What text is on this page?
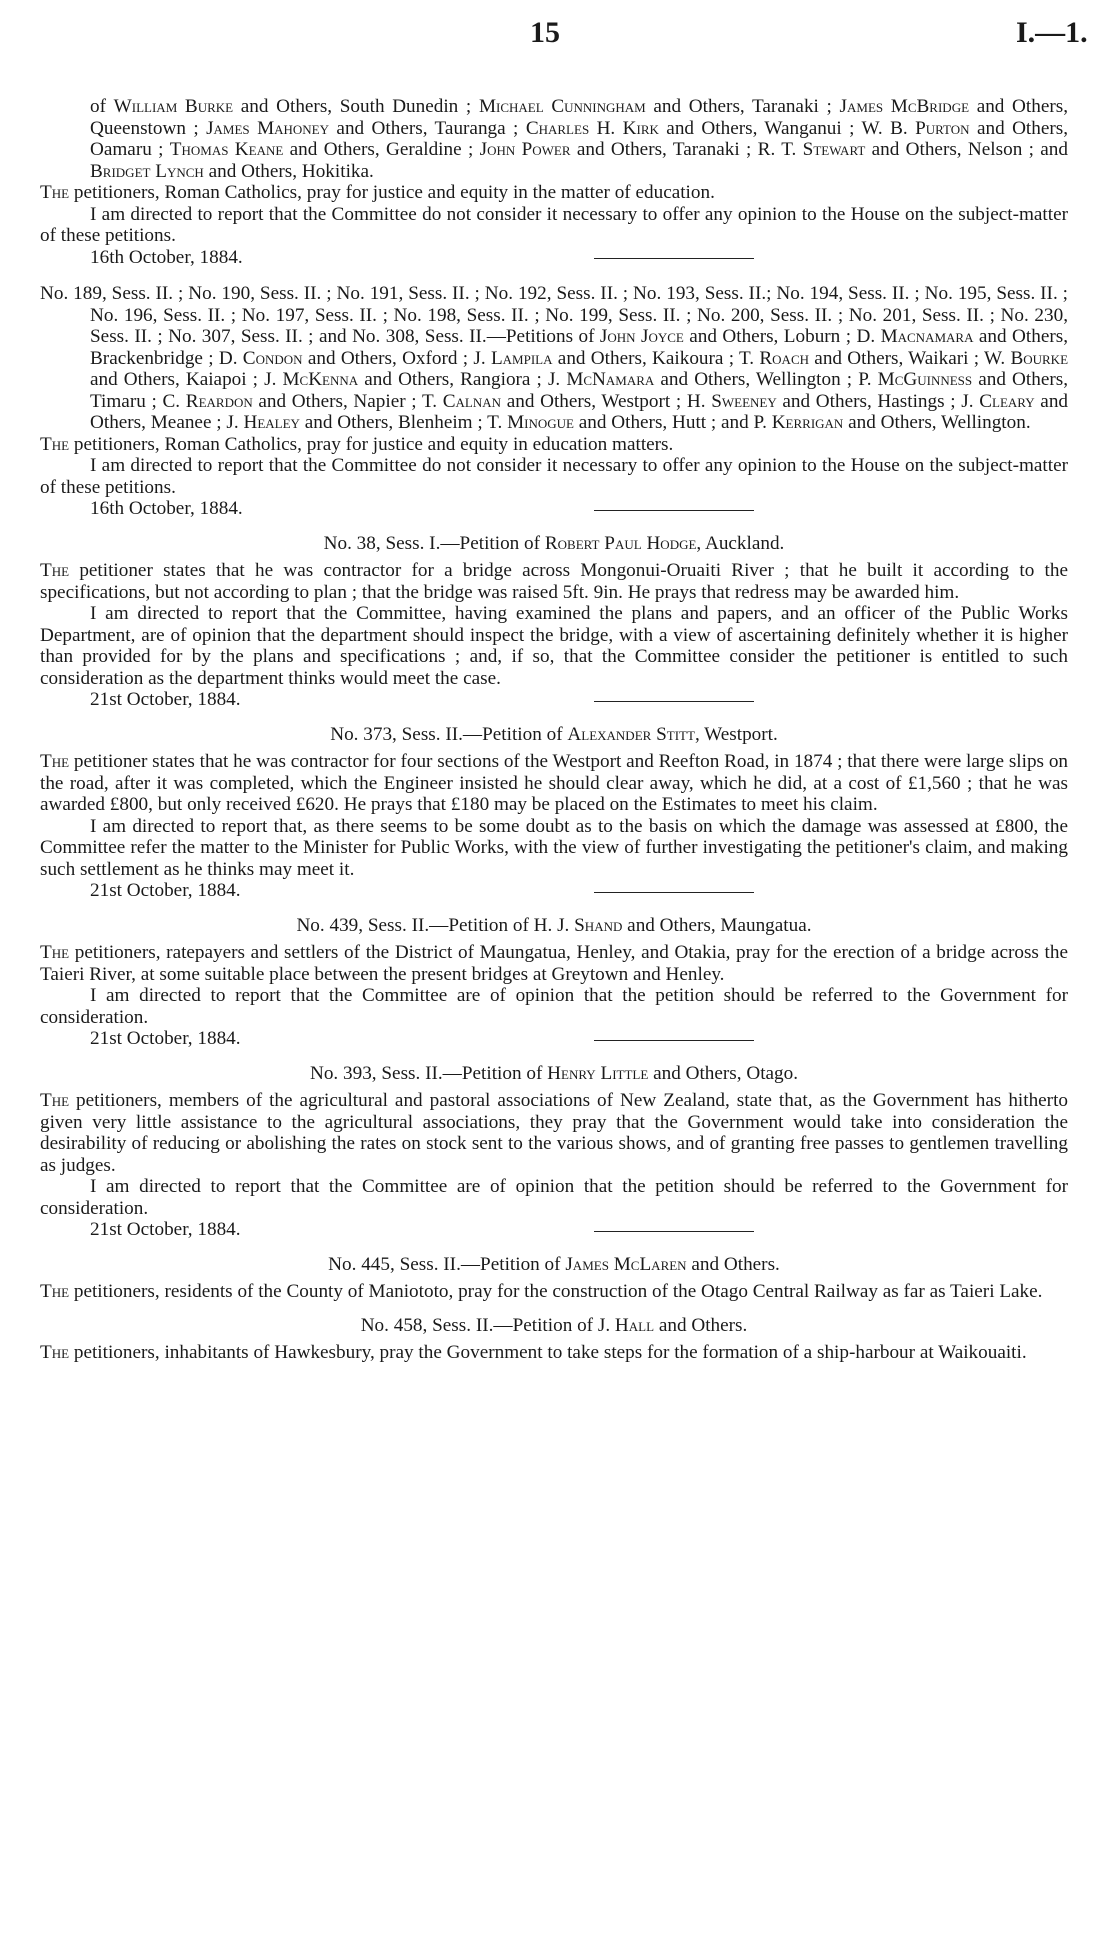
15	I.—1.

of William Burke and Others, South Dunedin ; Michael Cunningham and Others, Taranaki ; James McBridge and Others, Queenstown ; James Mahoney and Others, Tauranga ; Charles H. Kirk and Others, Wanganui ; W. B. Purton and Others, Oamaru ; Thomas Keane and Others, Geraldine ; John Power and Others, Taranaki ; R. T. Stewart and Others, Nelson ; and Bridget Lynch and Others, Hokitika.

The petitioners, Roman Catholics, pray for justice and equity in the matter of education.

I am directed to report that the Committee do not consider it necessary to offer any opinion to the House on the subject-matter of these petitions.

16th October, 1884.

No. 189, Sess. II. ; No. 190, Sess. II. ; No. 191, Sess. II. ; No. 192, Sess. II. ; No. 193, Sess. II.; No. 194, Sess. II. ; No. 195, Sess. II. ; No. 196, Sess. II. ; No. 197, Sess. II. ; No. 198, Sess. II. ; No. 199, Sess. II. ; No. 200, Sess. II. ; No. 201, Sess. II. ; No. 230, Sess. II. ; No. 307, Sess. II. ; and No. 308, Sess. II.—Petitions of John Joyce and Others, Loburn ; D. Macnamara and Others, Brackenbridge ; D. Condon and Others, Oxford ; J. Lampila and Others, Kaikoura ; T. Roach and Others, Waikari ; W. Bourke and Others, Kaiapoi ; J. McKenna and Others, Rangiora ; J. McNamara and Others, Wellington ; P. McGuinness and Others, Timaru ; C. Reardon and Others, Napier ; T. Calnan and Others, Westport ; H. Sweeney and Others, Hastings ; J. Cleary and Others, Meanee ; J. Healey and Others, Blenheim ; T. Minogue and Others, Hutt ; and P. Kerrigan and Others, Wellington.

The petitioners, Roman Catholics, pray for justice and equity in education matters.

I am directed to report that the Committee do not consider it necessary to offer any opinion to the House on the subject-matter of these petitions.

16th October, 1884.

No. 38, Sess. I.—Petition of Robert Paul Hodge, Auckland.

The petitioner states that he was contractor for a bridge across Mongonui-Oruaiti River ; that he built it according to the specifications, but not according to plan ; that the bridge was raised 5ft. 9in. He prays that redress may be awarded him.

I am directed to report that the Committee, having examined the plans and papers, and an officer of the Public Works Department, are of opinion that the department should inspect the bridge, with a view of ascertaining definitely whether it is higher than provided for by the plans and specifications ; and, if so, that the Committee consider the petitioner is entitled to such consideration as the department thinks would meet the case.

21st October, 1884.

No. 373, Sess. II.—Petition of Alexander Stitt, Westport.

The petitioner states that he was contractor for four sections of the Westport and Reefton Road, in 1874 ; that there were large slips on the road, after it was completed, which the Engineer insisted he should clear away, which he did, at a cost of £1,560 ; that he was awarded £800, but only received £620. He prays that £180 may be placed on the Estimates to meet his claim.

I am directed to report that, as there seems to be some doubt as to the basis on which the damage was assessed at £800, the Committee refer the matter to the Minister for Public Works, with the view of further investigating the petitioner's claim, and making such settlement as he thinks may meet it.

21st October, 1884.

No. 439, Sess. II.—Petition of H. J. Shand and Others, Maungatua.

The petitioners, ratepayers and settlers of the District of Maungatua, Henley, and Otakia, pray for the erection of a bridge across the Taieri River, at some suitable place between the present bridges at Greytown and Henley.

I am directed to report that the Committee are of opinion that the petition should be referred to the Government for consideration.

21st October, 1884.

No. 393, Sess. II.—Petition of Henry Little and Others, Otago.

The petitioners, members of the agricultural and pastoral associations of New Zealand, state that, as the Government has hitherto given very little assistance to the agricultural associations, they pray that the Government would take into consideration the desirability of reducing or abolishing the rates on stock sent to the various shows, and of granting free passes to gentlemen travelling as judges.

I am directed to report that the Committee are of opinion that the petition should be referred to the Government for consideration.

21st October, 1884.

No. 445, Sess. II.—Petition of James McLaren and Others.

The petitioners, residents of the County of Maniototo, pray for the construction of the Otago Central Railway as far as Taieri Lake.

No. 458, Sess. II.—Petition of J. Hall and Others.

The petitioners, inhabitants of Hawkesbury, pray the Government to take steps for the formation of a ship-harbour at Waikouaiti.
